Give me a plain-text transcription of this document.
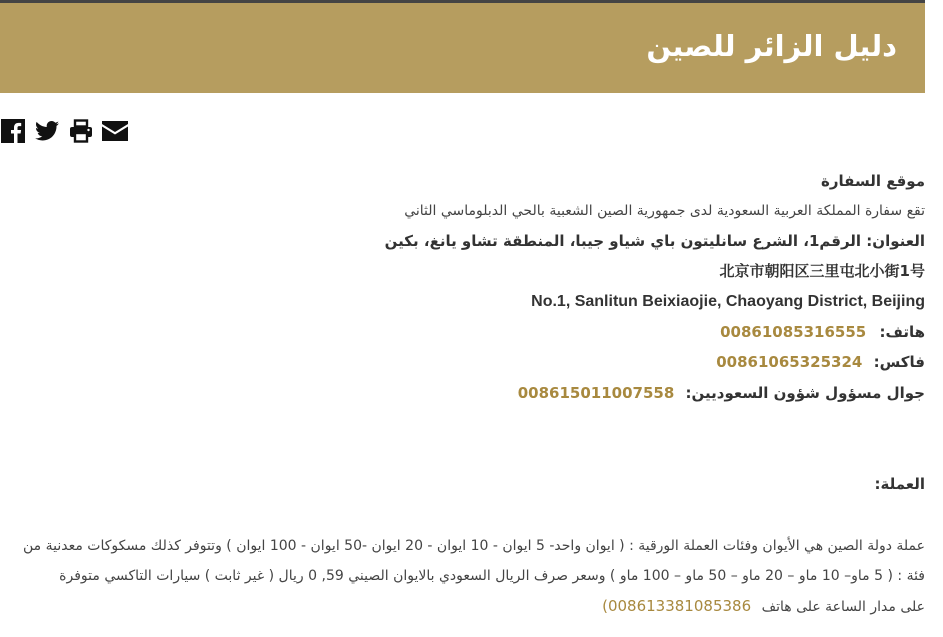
دليل الزائر للصين
موقع السفارة
تقع سفارة المملكة العربية السعودية لدى جمهورية الصين الشعبية بالحي الدبلوماسي الثاني
العنوان: الرقم1، الشرع سانليتون باي شياو جيبا، المنطقة تشاو يانغ، بكين
北京市朝阳区三里屯北小街1号
No.1, Sanlitun Beixiaojie, Chaoyang District, Beijing
هاتف: 00861085316555
فاكس: 00861065325324
جوال مسؤول شؤون السعوديين: 008615011007558
العملة:
عملة دولة الصين هي الأيوان وفئات العملة الورقية : ( ايوان واحد- 5 ايوان - 10 ايوان - 20 ايوان -50 ايوان - 100 ايوان ) وتتوفر كذلك مسكوكات معدنية من
فئة : ( 5 ماو– 10 ماو – 20 ماو – 50 ماو – 100 ماو ) وسعر صرف الريال السعودي بالايوان الصيني 59, 0 ريال ( غير ثابت ) سيارات التاكسي متوفرة
على مدار الساعة على هاتف (008613381085386
